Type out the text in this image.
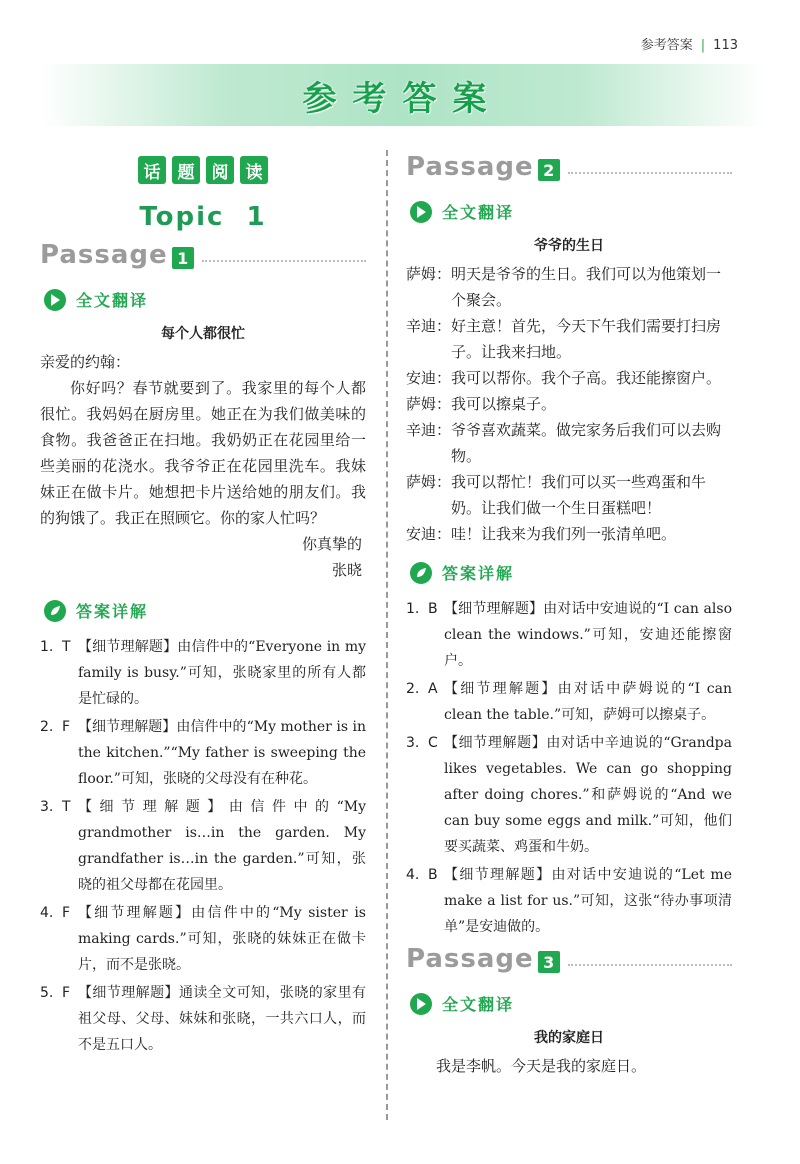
参考答案 | 113
参考答案
话	题	阅	读
Topic  1
Passage 1
全文翻译
每个人都很忙

亲爱的约翰：

你好吗？春节就要到了。我家里的每个人都很忙。我妈妈在厨房里。她正在为我们做美味的食物。我爸爸正在扫地。我奶奶正在花园里给一些美丽的花浇水。我爷爷正在花园里洗车。我妹妹正在做卡片。她想把卡片送给她的朋友们。我的狗饿了。我正在照顾它。你的家人忙吗？

你真挚的

张晓

答案详解
1. T 【细节理解题】由信件中的“Everyone in my family is busy.”可知，张晓家里的所有人都是忙碌的。
2. F 【细节理解题】由信件中的“My mother is in the kitchen.”“My father is sweeping the floor.”可知，张晓的父母没有在种花。
3. T 【细节理解题】由信件中的“My grandmother is…in the garden. My grandfather is…in the garden.”可知，张晓的祖父母都在花园里。
4. F 【细节理解题】由信件中的“My sister is making cards.”可知，张晓的妹妹正在做卡片，而不是张晓。
5. F 【细节理解题】通读全文可知，张晓的家里有祖父母、父母、妹妹和张晓，一共六口人，而不是五口人。
Passage 2
全文翻译
爷爷的生日
萨姆： 明天是爷爷的生日。我们可以为他策划一个聚会。
辛迪： 好主意！首先，今天下午我们需要打扫房子。让我来扫地。
安迪： 我可以帮你。我个子高。我还能擦窗户。
萨姆： 我可以擦桌子。
辛迪： 爷爷喜欢蔬菜。做完家务后我们可以去购物。
萨姆： 我可以帮忙！我们可以买一些鸡蛋和牛奶。让我们做一个生日蛋糕吧！
安迪： 哇！让我来为我们列一张清单吧。
答案详解
1. B 【细节理解题】由对话中安迪说的“I can also clean the windows.”可知，安迪还能擦窗户。
2. A 【细节理解题】由对话中萨姆说的“I can clean the table.”可知，萨姆可以擦桌子。
3. C 【细节理解题】由对话中辛迪说的“Grandpa likes vegetables. We can go shopping after doing chores.”和萨姆说的“And we can buy some eggs and milk.”可知，他们要买蔬菜、鸡蛋和牛奶。
4. B 【细节理解题】由对话中安迪说的“Let me make a list for us.”可知，这张“待办事项清单”是安迪做的。
Passage 3
全文翻译
我的家庭日

我是李帆。今天是我的家庭日。
